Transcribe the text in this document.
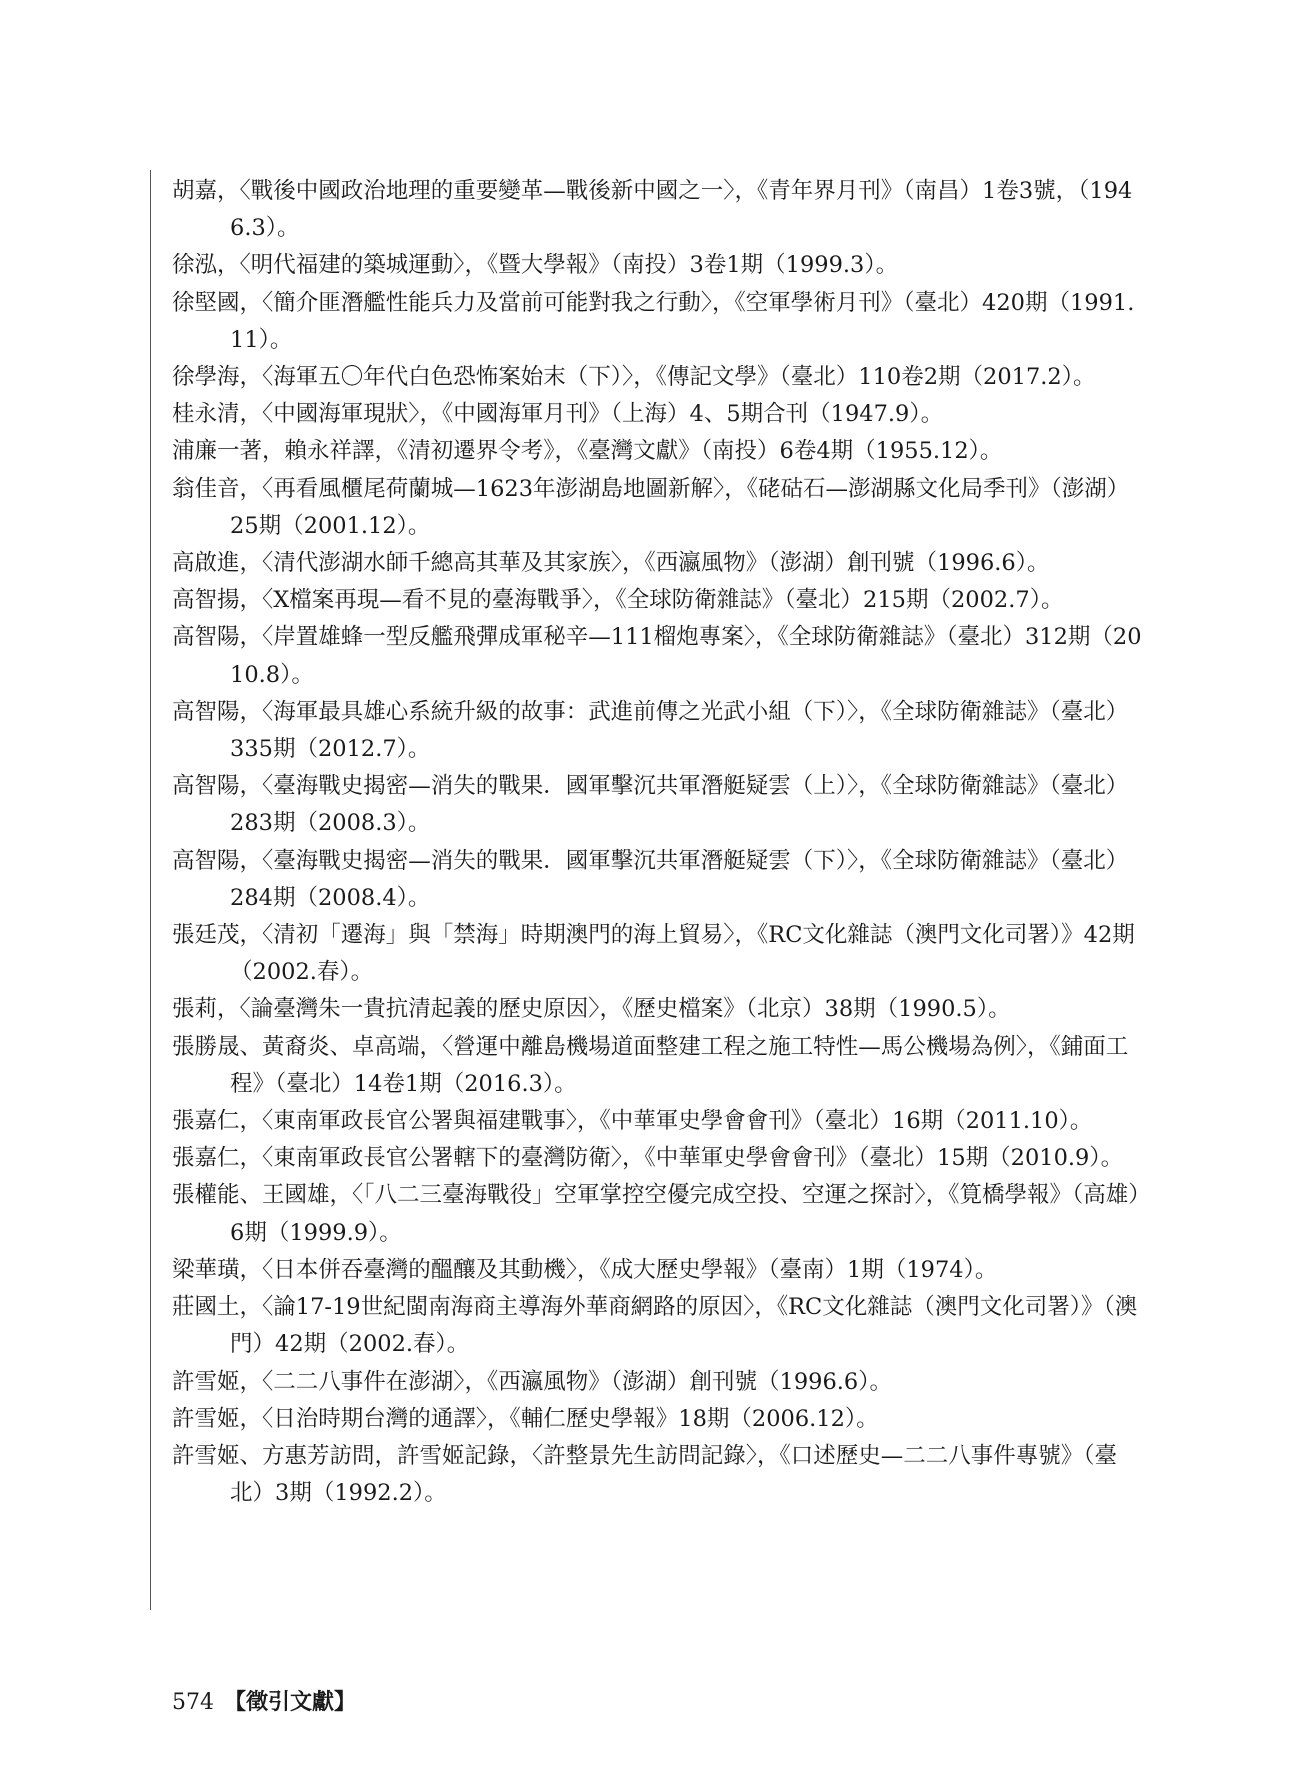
胡嘉，〈戰後中國政治地理的重要變革—戰後新中國之一〉，《青年界月刊》（南昌）1卷3號，（1946.3）。
徐泓，〈明代福建的築城運動〉，《暨大學報》（南投）3卷1期（1999.3）。
徐堅國，〈簡介匪潛艦性能兵力及當前可能對我之行動〉，《空軍學術月刊》（臺北）420期（1991.11）。
徐學海，〈海軍五〇年代白色恐怖案始末（下）〉，《傳記文學》（臺北）110卷2期（2017.2）。
桂永清，〈中國海軍現狀〉，《中國海軍月刊》（上海）4、5期合刊（1947.9）。
浦廉一著，賴永祥譯，《清初遷界令考》，《臺灣文獻》（南投）6卷4期（1955.12）。
翁佳音，〈再看風櫃尾荷蘭城—1623年澎湖島地圖新解〉，《硓𥑮石—澎湖縣文化局季刊》（澎湖）25期（2001.12）。
高啟進，〈清代澎湖水師千總高其華及其家族〉，《西瀛風物》（澎湖）創刊號（1996.6）。
高智揚，〈X檔案再現—看不見的臺海戰爭〉，《全球防衛雜誌》（臺北）215期（2002.7）。
高智陽，〈岸置雄蜂一型反艦飛彈成軍秘辛—111榴炮專案〉，《全球防衛雜誌》（臺北）312期（2010.8）。
高智陽，〈海軍最具雄心系統升級的故事：武進前傳之光武小組（下）〉，《全球防衛雜誌》（臺北）335期（2012.7）。
高智陽，〈臺海戰史揭密—消失的戰果．國軍擊沉共軍潛艇疑雲（上）〉，《全球防衛雜誌》（臺北）283期（2008.3）。
高智陽，〈臺海戰史揭密—消失的戰果．國軍擊沉共軍潛艇疑雲（下）〉，《全球防衛雜誌》（臺北）284期（2008.4）。
張廷茂，〈清初「遷海」與「禁海」時期澳門的海上貿易〉，《RC文化雜誌（澳門文化司署）》42期（2002.春）。
張莉，〈論臺灣朱一貴抗清起義的歷史原因〉，《歷史檔案》（北京）38期（1990.5）。
張勝晟、黃裔炎、卓高端，〈營運中離島機場道面整建工程之施工特性—馬公機場為例〉，《鋪面工程》（臺北）14卷1期（2016.3）。
張嘉仁，〈東南軍政長官公署與福建戰事〉，《中華軍史學會會刊》（臺北）16期（2011.10）。
張嘉仁，〈東南軍政長官公署轄下的臺灣防衛〉，《中華軍史學會會刊》（臺北）15期（2010.9）。
張權能、王國雄，〈「八二三臺海戰役」空軍掌控空優完成空投、空運之探討〉，《筧橋學報》（高雄）6期（1999.9）。
梁華璜，〈日本併吞臺灣的醞釀及其動機〉，《成大歷史學報》（臺南）1期（1974）。
莊國土，〈論17-19世紀閩南海商主導海外華商網路的原因〉，《RC文化雜誌（澳門文化司署）》（澳門）42期（2002.春）。
許雪姬，〈二二八事件在澎湖〉，《西瀛風物》（澎湖）創刊號（1996.6）。
許雪姬，〈日治時期台灣的通譯〉，《輔仁歷史學報》18期（2006.12）。
許雪姬、方惠芳訪問，許雪姬記錄，〈許整景先生訪問記錄〉，《口述歷史—二二八事件專號》（臺北）3期（1992.2）。
574 【徵引文獻】
